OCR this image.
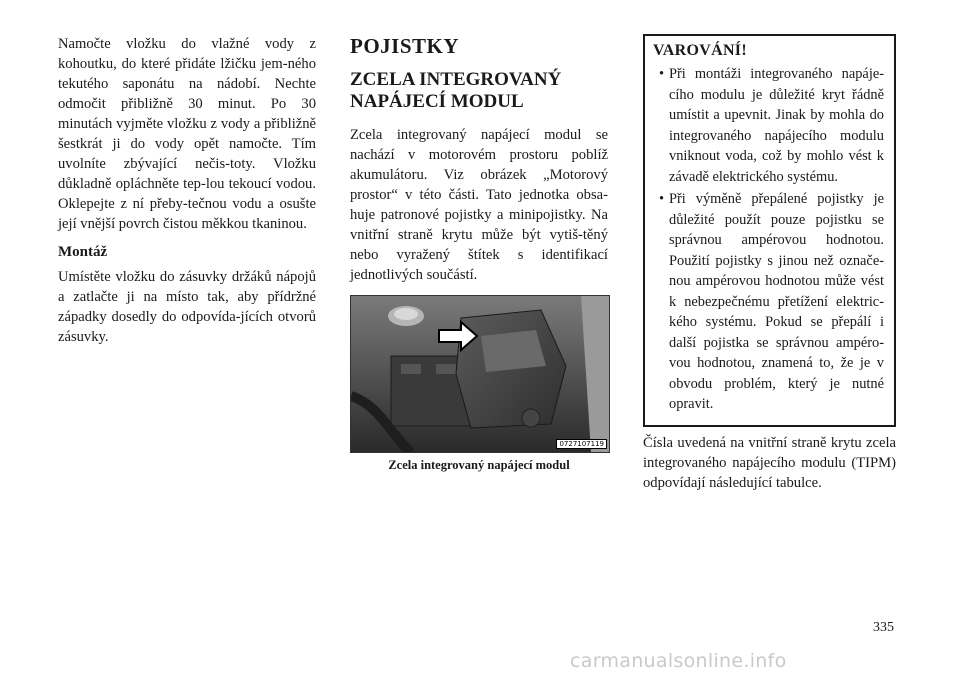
Namočte vložku do vlažné vody z kohoutku, do které přidáte lžičku jem-ného tekutého saponátu na nádobí. Nechte odmočit přibližně 30 minut. Po 30 minutách vyjměte vložku z vody a přibližně šestkrát ji do vody opět namočte. Tím uvolníte zbývající nečis-toty. Vložku důkladně opláchněte tep-lou tekoucí vodou. Oklepejte z ní přeby-tečnou vodu a osušte její vnější povrch čistou měkkou tkaninou.

Montáž

Umístěte vložku do zásuvky držáků nápojů a zatlačte ji na místo tak, aby přídržné západky dosedly do odpovída-jících otvorů zásuvky.

POJISTKY
ZCELA INTEGROVANÝ NAPÁJECÍ MODUL

Zcela integrovaný napájecí modul se nachází v motorovém prostoru poblíž akumulátoru. Viz obrázek „Motorový prostor“ v této části. Tato jednotka obsa-huje patronové pojistky a minipojistky. Na vnitřní straně krytu může být vytiš-těný nebo vyražený štítek s identifikací jednotlivých součástí.

0727107119
Zcela integrovaný napájecí modul
VAROVÁNÍ!

• Při montáži integrovaného napáje-cího modulu je důležité kryt řádně umístit a upevnit. Jinak by mohla do integrovaného napájecího modulu vniknout voda, což by mohlo vést k závadě elektrického systému.

• Při výměně přepálené pojistky je důležité použít pouze pojistku se správnou ampérovou hodnotou. Použití pojistky s jinou než označe-nou ampérovou hodnotou může vést k nebezpečnému přetížení elektric-kého systému. Pokud se přepálí i další pojistka se správnou ampéro-vou hodnotou, znamená to, že je v obvodu problém, který je nutné opravit.

Čísla uvedená na vnitřní straně krytu zcela integrovaného napájecího modulu (TIPM) odpovídají následující tabulce.

335
carmanualsonline.info
